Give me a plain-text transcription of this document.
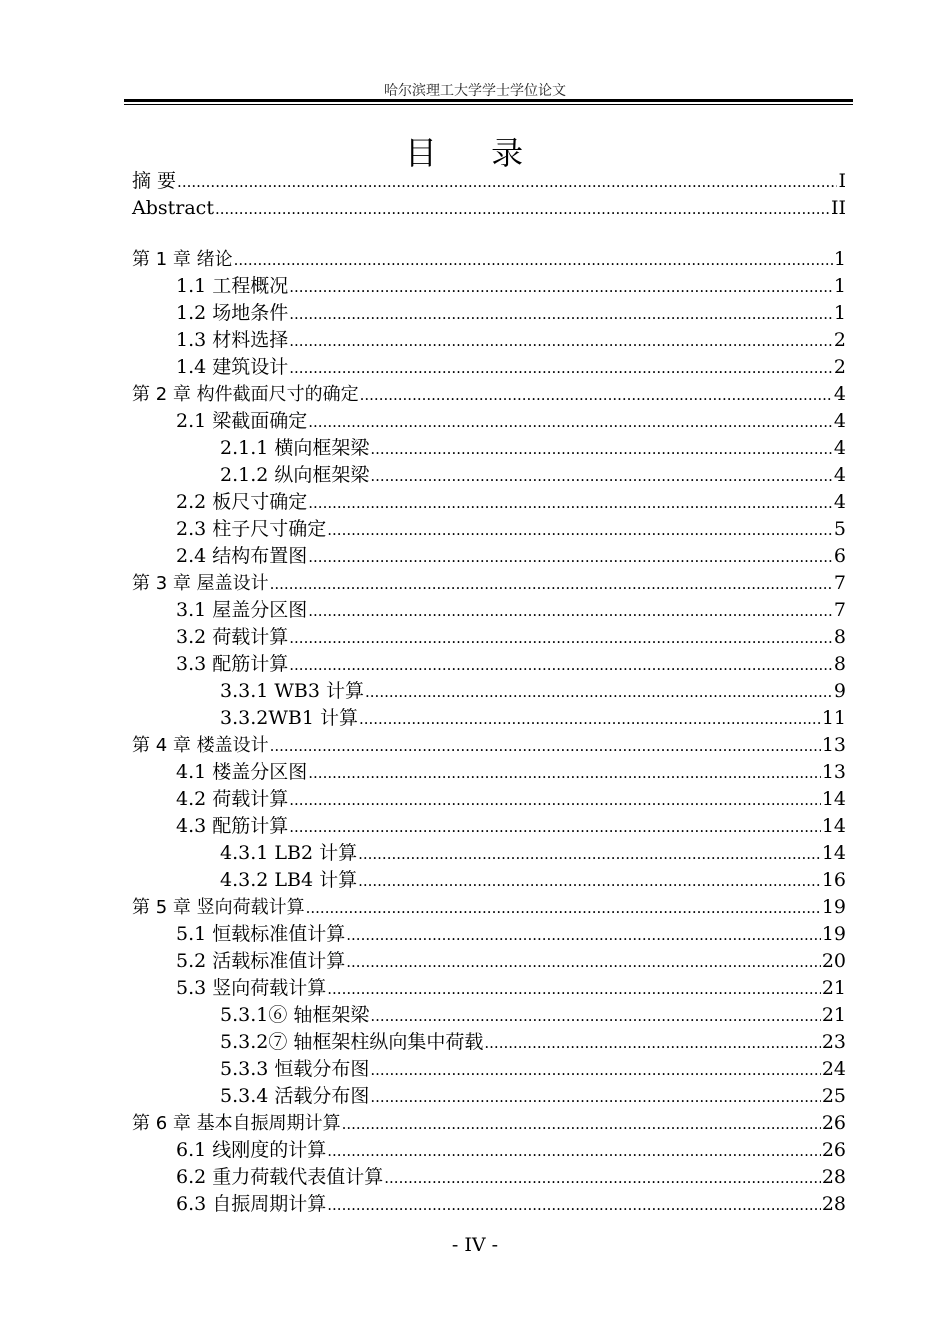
哈尔滨理工大学学士学位论文
目 录
摘 要 .....	I
Abstract .....	II
第 1 章 绪论 .....	1
1.1 工程概况 .....	1
1.2 场地条件 .....	1
1.3 材料选择 .....	2
1.4 建筑设计 .....	2
第 2 章 构件截面尺寸的确定 .....	4
2.1 梁截面确定 .....	4
2.1.1 横向框架梁 .....	4
2.1.2 纵向框架梁 .....	4
2.2 板尺寸确定 .....	4
2.3 柱子尺寸确定 .....	5
2.4 结构布置图 .....	6
第 3 章 屋盖设计 .....	7
3.1 屋盖分区图 .....	7
3.2 荷载计算 .....	8
3.3 配筋计算 .....	8
3.3.1 WB3 计算 .....	9
3.3.2WB1 计算 .....	11
第 4 章 楼盖设计 .....	13
4.1 楼盖分区图 .....	13
4.2 荷载计算 .....	14
4.3 配筋计算 .....	14
4.3.1 LB2 计算 .....	14
4.3.2 LB4 计算 .....	16
第 5 章 竖向荷载计算 .....	19
5.1 恒载标准值计算 .....	19
5.2 活载标准值计算 .....	20
5.3 竖向荷载计算 .....	21
5.3.1⑥ 轴框架梁 .....	21
5.3.2⑦ 轴框架柱纵向集中荷载 .....	23
5.3.3 恒载分布图 .....	24
5.3.4 活载分布图 .....	25
第 6 章 基本自振周期计算 .....	26
6.1 线刚度的计算 .....	26
6.2 重力荷载代表值计算 .....	28
6.3 自振周期计算 .....	28
- IV -
